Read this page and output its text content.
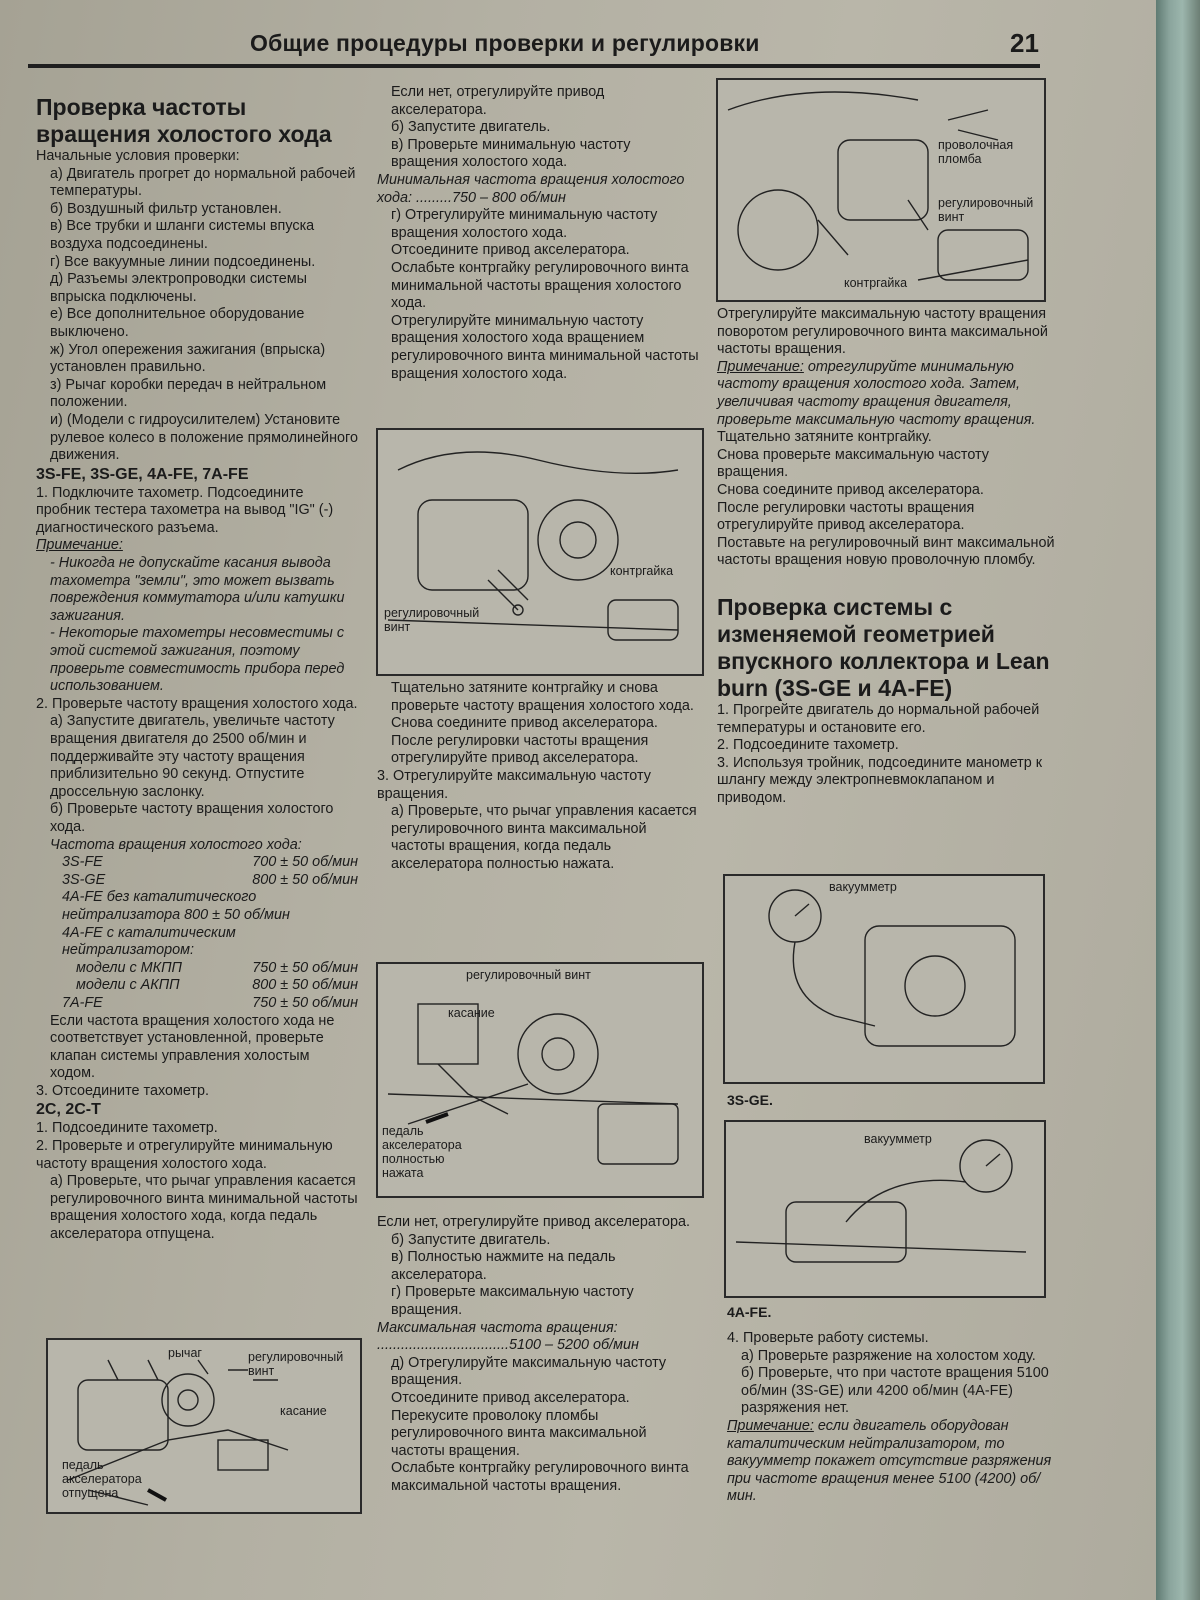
Общие процедуры проверки и регулировки	21

Проверка частоты вращения холостого хода

Начальные условия проверки:

а) Двигатель прогрет до нормальной рабочей температуры.

б) Воздушный фильтр установлен.

в) Все трубки и шланги системы впуска воздуха подсоединены.

г) Все вакуумные линии подсоединены.

д) Разъемы электропроводки системы впрыска подключены.

е) Все дополнительное оборудование выключено.

ж) Угол опережения зажигания (впрыска) установлен правильно.

з) Рычаг коробки передач в нейтральном положении.

и) (Модели с гидроусилителем) Установите рулевое колесо в положение прямолинейного движения.

3S-FE, 3S-GE, 4A-FE, 7A-FE

1. Подключите тахометр. Подсоедините пробник тестера тахометра на вывод "IG" (-) диагностического разъема.

Примечание:

- Никогда не допускайте касания вывода тахометра "земли", это может вызвать повреждения коммутатора и/или катушки зажигания.

- Некоторые тахометры несовместимы с этой системой зажигания, поэтому проверьте совместимость прибора перед использованием.

2. Проверьте частоту вращения холостого хода.

а) Запустите двигатель, увеличьте частоту вращения двигателя до 2500 об/мин и поддерживайте эту частоту вращения приблизительно 90 секунд. Отпустите дроссельную заслонку.

б) Проверьте частоту вращения холостого хода.

Частота вращения холостого хода:

3S-FE	700 ± 50 об/мин
3S-GE	800 ± 50 об/мин
4A-FE без каталитического нейтрализатора 800 ± 50 об/мин
4A-FE с каталитическим нейтрализатором:
модели с МКПП	750 ± 50 об/мин
модели с АКПП	800 ± 50 об/мин
7A-FE	750 ± 50 об/мин

Если частота вращения холостого хода не соответствует установленной, проверьте клапан системы управления холостым ходом.

3. Отсоедините тахометр.

2C, 2C-T

1. Подсоедините тахометр.

2. Проверьте и отрегулируйте минимальную частоту вращения холостого хода.

а) Проверьте, что рычаг управления касается регулировочного винта минимальной частоты вращения холостого хода, когда педаль акселератора отпущена.

рычаг	регулировочный винт
касание
педаль акселератора отпущена

Если нет, отрегулируйте привод акселератора.

б) Запустите двигатель.

в) Проверьте минимальную частоту вращения холостого хода.

Минимальная частота вращения холостого хода: .........750 – 800 об/мин

г) Отрегулируйте минимальную частоту вращения холостого хода.

Отсоедините привод акселератора.

Ослабьте контргайку регулировочного винта минимальной частоты вращения холостого хода.

Отрегулируйте минимальную частоту вращения холостого хода вращением регулировочного винта минимальной частоты вращения холостого хода.

контргайка
регулировочный винт

Тщательно затяните контргайку и снова проверьте частоту вращения холостого хода.

Снова соедините привод акселератора.

После регулировки частоты вращения отрегулируйте привод акселератора.

3. Отрегулируйте максимальную частоту вращения.

а) Проверьте, что рычаг управления касается регулировочного винта максимальной частоты вращения, когда педаль акселератора полностью нажата.

регулировочный винт
касание
педаль акселератора полностью нажата

Если нет, отрегулируйте привод акселератора.

б) Запустите двигатель.

в) Полностью нажмите на педаль акселератора.

г) Проверьте максимальную частоту вращения.

Максимальная частота вращения:

.................................5100 – 5200 об/мин

д) Отрегулируйте максимальную частоту вращения.

Отсоедините привод акселератора.

Перекусите проволоку пломбы регулировочного винта максимальной частоты вращения.

Ослабьте контргайку регулировочного винта максимальной частоты вращения.

проволочная пломба
регулировочный винт
контргайка

Отрегулируйте максимальную частоту вращения поворотом регулировочного винта максимальной частоты вращения.

Примечание: отрегулируйте минимальную частоту вращения холостого хода. Затем, увеличивая частоту вращения двигателя, проверьте максимальную частоту вращения.

Тщательно затяните контргайку.

Снова проверьте максимальную частоту вращения.

Снова соедините привод акселератора.

После регулировки частоты вращения отрегулируйте привод акселератора.

Поставьте на регулировочный винт максимальной частоты вращения новую проволочную пломбу.

Проверка системы с изменяемой геометрией впускного коллектора и Lean burn (3S-GE и 4A-FE)

1. Прогрейте двигатель до нормальной рабочей температуры и остановите его.

2. Подсоедините тахометр.

3. Используя тройник, подсоедините манометр к шлангу между электропневмоклапаном и приводом.

вакуумметр
3S-GE.
вакуумметр
4A-FE.

4. Проверьте работу системы.

а) Проверьте разряжение на холостом ходу.

б) Проверьте, что при частоте вращения 5100 об/мин (3S-GE) или 4200 об/мин (4A-FE) разряжения нет.

Примечание: если двигатель оборудован каталитическим нейтрализатором, то вакуумметр покажет отсутствие разряжения при частоте вращения менее 5100 (4200) об/мин.
